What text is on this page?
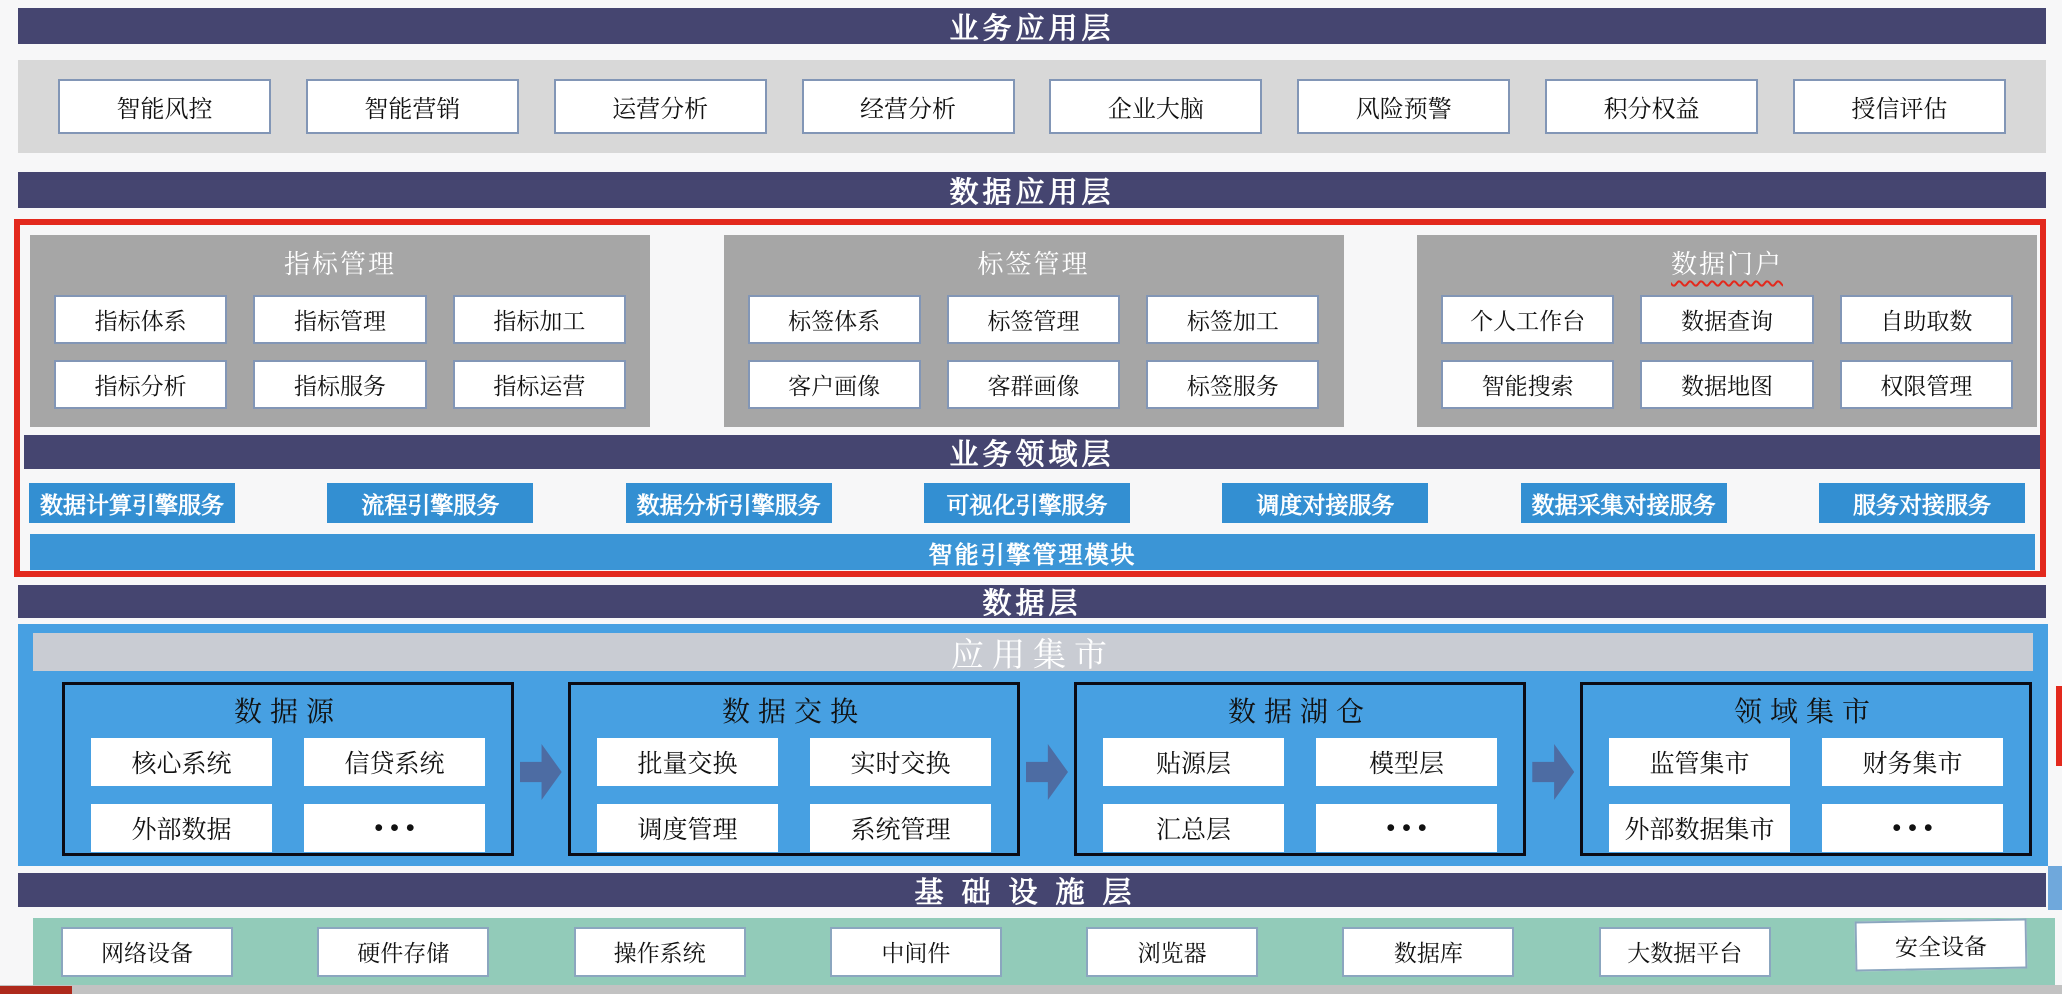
业务应用层
智能风控	智能营销	运营分析	经营分析	企业大脑	风险预警	积分权益	授信评估
数据应用层
指标管理
指标体系	指标管理	指标加工
指标分析	指标服务	指标运营
标签管理
标签体系	标签管理	标签加工
客户画像	客群画像	标签服务
数据门户
个人工作台	数据查询	自助取数
智能搜索	数据地图	权限管理
业务领域层
数据计算引擎服务	流程引擎服务	数据分析引擎服务	可视化引擎服务	调度对接服务	数据采集对接服务	服务对接服务
智能引擎管理模块
数据层
应用集市
数据源
核心系统	信贷系统
外部数据	• • •
数据交换
批量交换	实时交换
调度管理	系统管理
数据湖仓
贴源层	模型层
汇总层	• • •
领域集市
监管集市	财务集市
外部数据集市	• • •
基础设施层
网络设备	硬件存储	操作系统	中间件	浏览器	数据库	大数据平台	安全设备
